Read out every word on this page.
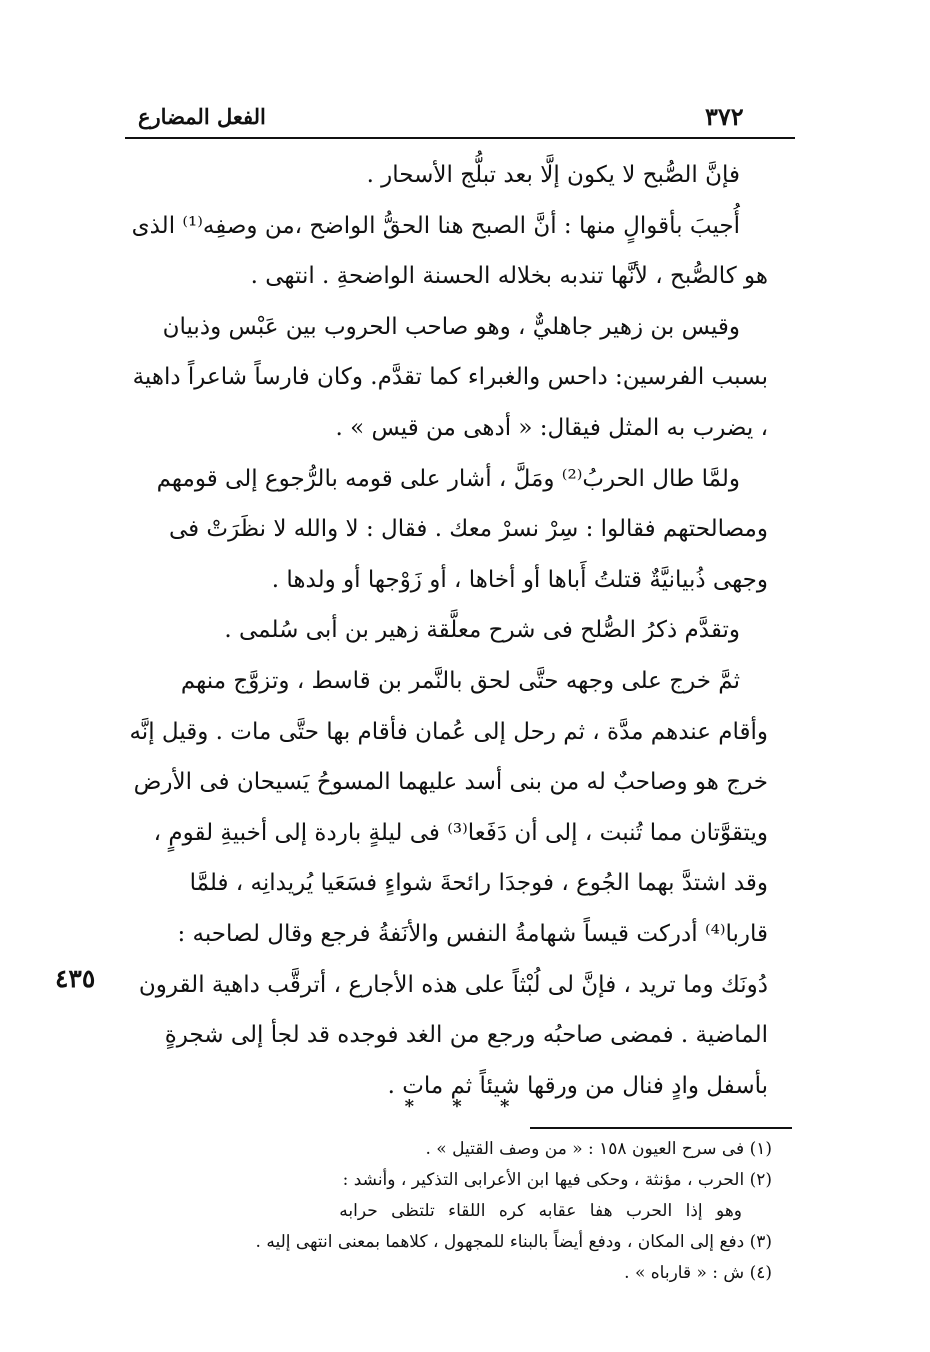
الفعل المضارع	٣٧٢

فإنَّ الصُّبح لا يكون إلَّا بعد تبلُّج الأسحار .

أُجيبَ بأقوالٍ منها : أنَّ الصبح هنا الحقُّ الواضح ،من وصفِه⁽¹⁾ الذى هو كالصُّبح ، لأنَّها تندبه بخلاله الحسنة الواضحةِ . انتهى .

وقيس بن زهير جاهليٌّ ، وهو صاحب الحروب بين عَبْس وذبيان بسبب الفرسين: داحس والغبراء كما تقدَّم. وكان فارساً شاعراً داهية ، يضرب به المثل فيقال: « أدهى من قيس » .

ولمَّا طال الحربُ⁽²⁾ ومَلَّ ، أشار على قومه بالرُّجوع إلى قومهم ومصالحتهم فقالوا : سِرْ نسرْ معك . فقال : لا والله لا نظَرَتْ فى وجهى ذُبيانيَّةٌ قتلتُ أَباها أو أخاها ، أو زَوْجها أو ولدها .

وتقدَّم ذكرُ الصُّلح فى شرح معلَّقة زهير بن أبى سُلمى .

ثمَّ خرج على وجهه حتَّى لحق بالنَّمر بن قاسط ، وتزوَّج منهم وأقام عندهم مدَّة ، ثم رحل إلى عُمان فأقام بها حتَّى مات . وقيل إنَّه خرج هو وصاحبٌ له من بنى أسد عليهما المسوحُ يَسيحان فى الأرض ويتقوَّتان مما تُنبت ، إلى أن دَفَعا⁽³⁾ فى ليلةٍ باردة إلى أخبيةِ لقومٍ ، وقد اشتدَّ بهما الجُوع ، فوجدَا رائحةَ شواءٍ فسَعَيا يُريدانِه ، فلمَّا قاربا⁽⁴⁾ أدركت قيساً شهامةُ النفس والأنَفةُ فرجع وقال لصاحبه : دُونَك وما تريد ، فإنَّ لى لُبْثاً على هذه الأجارع ، أترقَّب داهية القرون الماضية . فمضى صاحبُه ورجع من الغد فوجده قد لجأ إلى شجرةٍ بأسفل وادٍ فنال من ورقها شيئاً ثم مات .

٤٣٥
* * *
(١) فى سرح العيون ١٥٨ : « من وصف القتيل » .
(٢) الحرب ، مؤنثة ، وحكى فيها ابن الأعرابى التذكير ، وأنشد :
وهو إذا الحرب هفا عقابه كره اللقاء تلتظى حرابه
(٣) دفع إلى المكان ، ودفع أيضاً بالبناء للمجهول ، كلاهما بمعنى انتهى إليه .
(٤) ش : « قارباه » .
